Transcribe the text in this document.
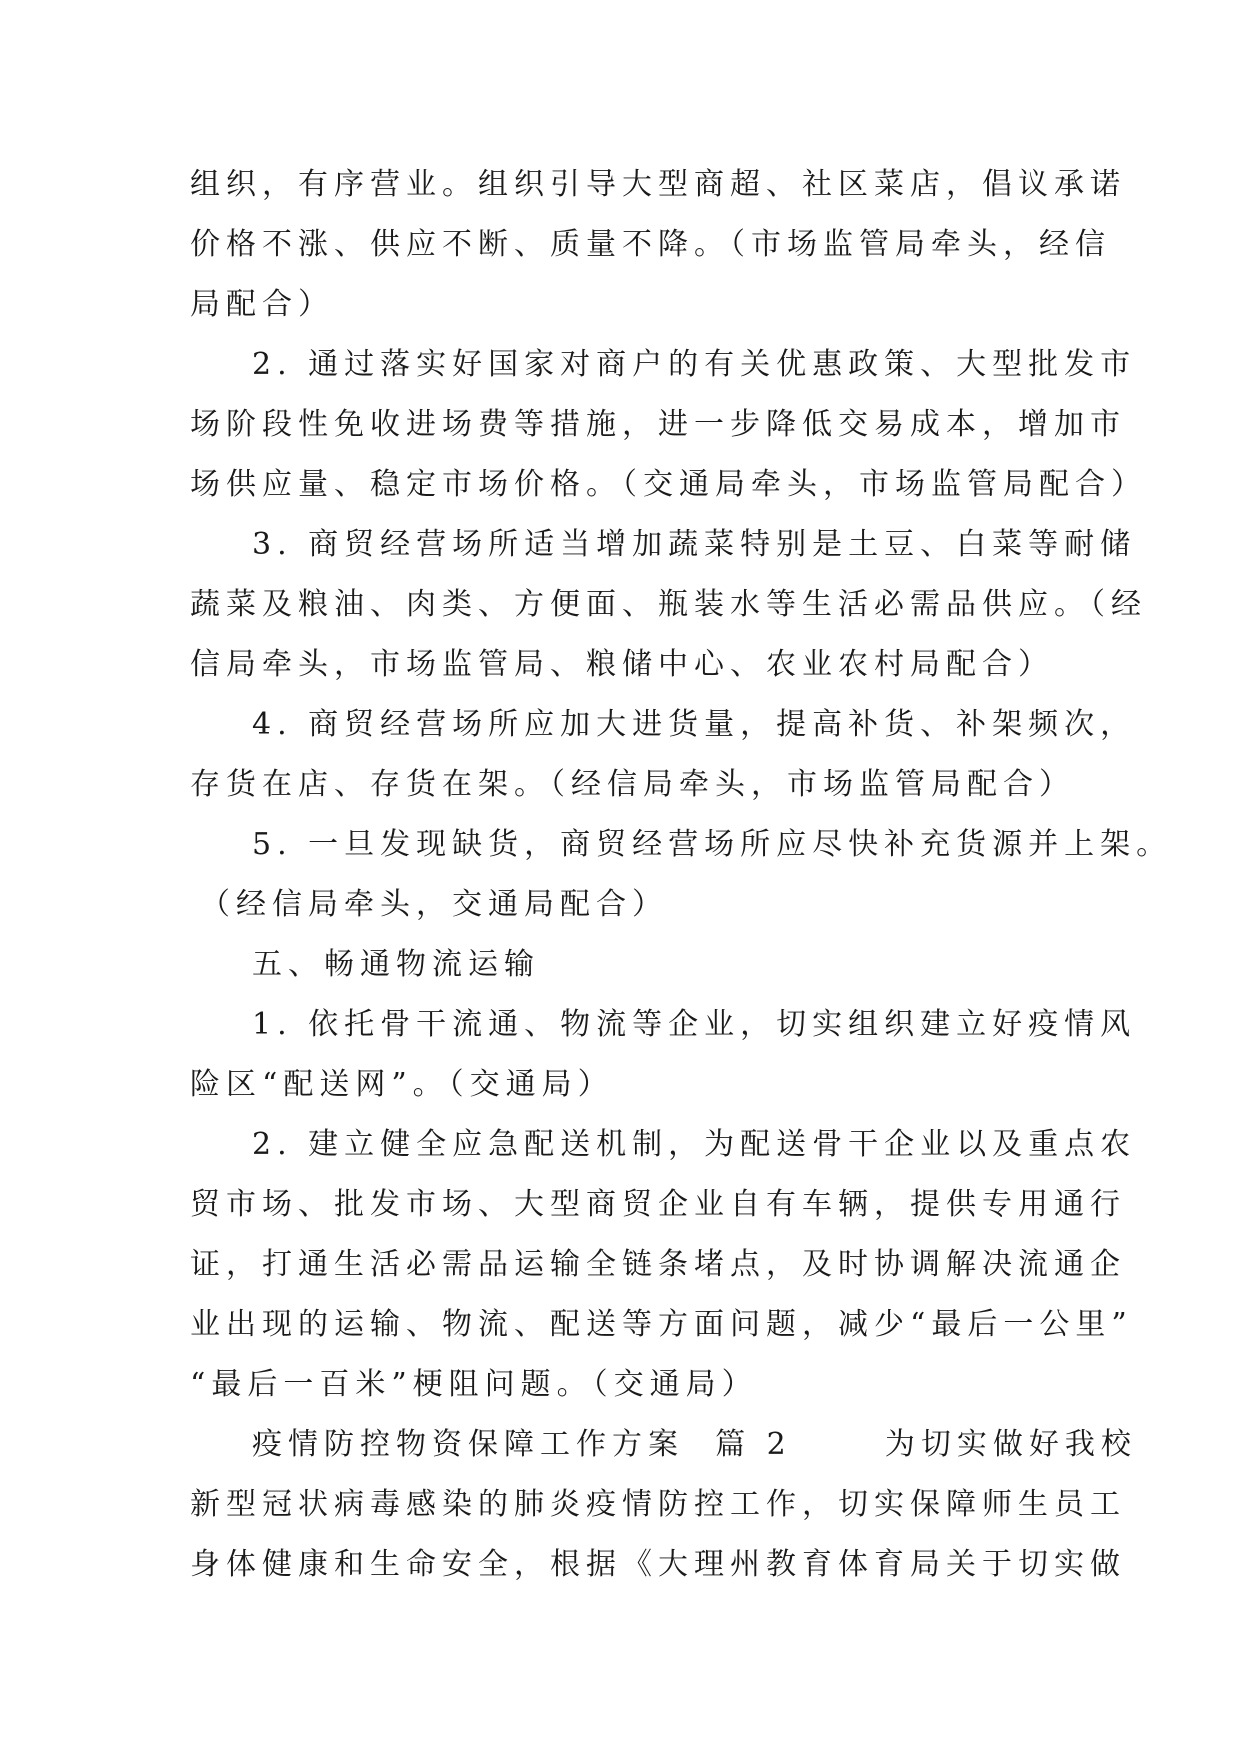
组织，有序营业。组织引导大型商超、社区菜店，倡议承诺
价格不涨、供应不断、质量不降。（市场监管局牵头，经信
局配合）
2. 通过落实好国家对商户的有关优惠政策、大型批发市
场阶段性免收进场费等措施，进一步降低交易成本，增加市
场供应量、稳定市场价格。（交通局牵头，市场监管局配合）
3. 商贸经营场所适当增加蔬菜特别是土豆、白菜等耐储
蔬菜及粮油、肉类、方便面、瓶装水等生活必需品供应。（经
信局牵头，市场监管局、粮储中心、农业农村局配合）
4. 商贸经营场所应加大进货量，提高补货、补架频次，
存货在店、存货在架。（经信局牵头，市场监管局配合）
5. 一旦发现缺货，商贸经营场所应尽快补充货源并上架。
（经信局牵头，交通局配合）
五、畅通物流运输
1. 依托骨干流通、物流等企业，切实组织建立好疫情风
险区“配送网”。（交通局）
2. 建立健全应急配送机制，为配送骨干企业以及重点农
贸市场、批发市场、大型商贸企业自有车辆，提供专用通行
证，打通生活必需品运输全链条堵点，及时协调解决流通企
业出现的运输、物流、配送等方面问题，减少“最后一公里”
“最后一百米”梗阻问题。（交通局）
疫情防控物资保障工作方案  篇 2      为切实做好我校
新型冠状病毒感染的肺炎疫情防控工作，切实保障师生员工
身体健康和生命安全，根据《大理州教育体育局关于切实做
